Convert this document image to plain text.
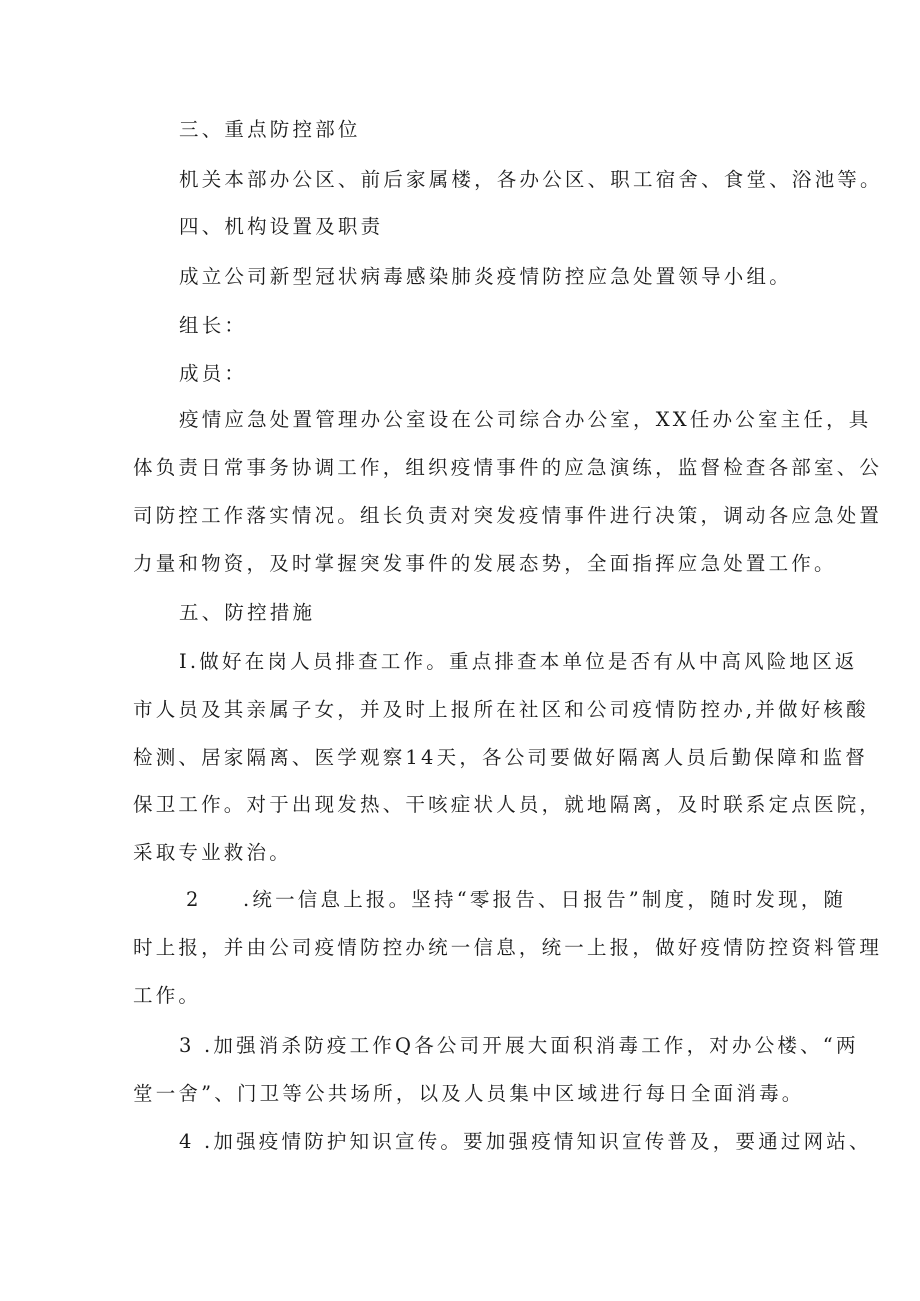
三、重点防控部位
机关本部办公区、前后家属楼，各办公区、职工宿舍、食堂、浴池等。
四、机构设置及职责
成立公司新型冠状病毒感染肺炎疫情防控应急处置领导小组。
组长：
成员：
疫情应急处置管理办公室设在公司综合办公室，XX任办公室主任，具
体负责日常事务协调工作，组织疫情事件的应急演练，监督检查各部室、公
司防控工作落实情况。组长负责对突发疫情事件进行决策，调动各应急处置
力量和物资，及时掌握突发事件的发展态势，全面指挥应急处置工作。
五、防控措施
I.做好在岗人员排查工作。重点排查本单位是否有从中高风险地区返
市人员及其亲属子女，并及时上报所在社区和公司疫情防控办,并做好核酸
检测、居家隔离、医学观察14天，各公司要做好隔离人员后勤保障和监督
保卫工作。对于出现发热、干咳症状人员，就地隔离，及时联系定点医院，
采取专业救治。
2 .统一信息上报。坚持“零报告、日报告”制度，随时发现，随
时上报，并由公司疫情防控办统一信息，统一上报，做好疫情防控资料管理
工作。
3 .加强消杀防疫工作Q各公司开展大面积消毒工作，对办公楼、“两
堂一舍”、门卫等公共场所，以及人员集中区域进行每日全面消毒。
4 .加强疫情防护知识宣传。要加强疫情知识宣传普及，要通过网站、
